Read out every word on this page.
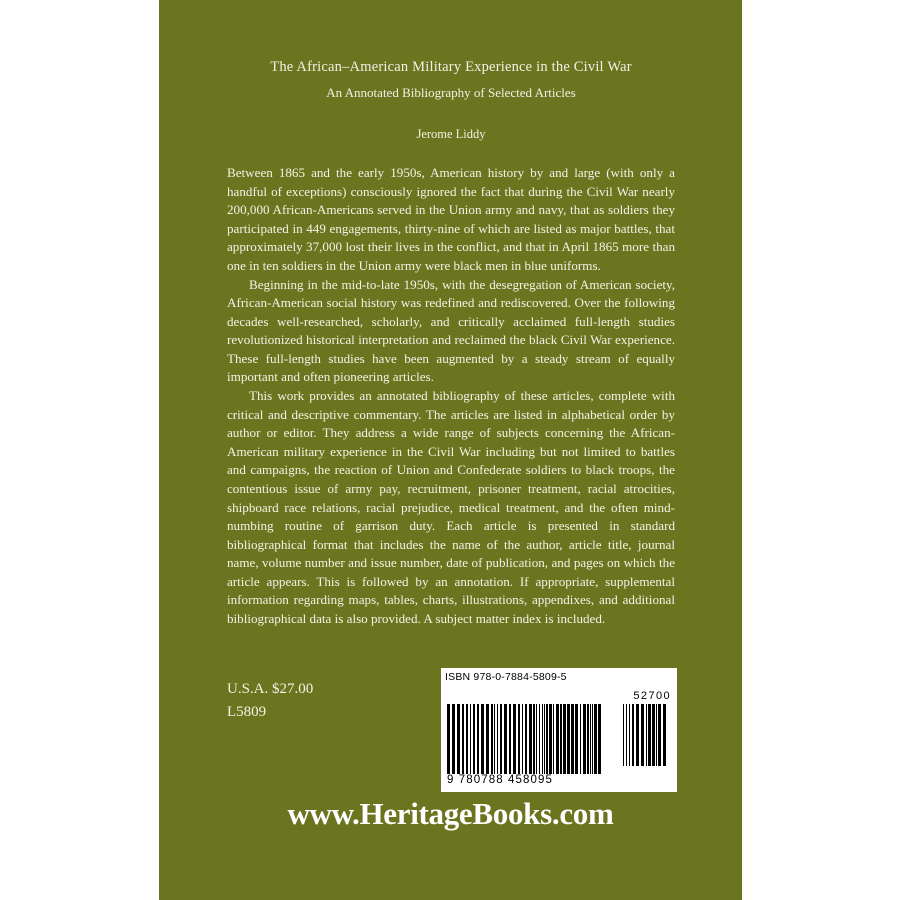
The African–American Military Experience in the Civil War
An Annotated Bibliography of Selected Articles
Jerome Liddy

Between 1865 and the early 1950s, American history by and large (with only a handful of exceptions) consciously ignored the fact that during the Civil War nearly 200,000 African-Americans served in the Union army and navy, that as soldiers they participated in 449 engagements, thirty-nine of which are listed as major battles, that approximately 37,000 lost their lives in the conflict, and that in April 1865 more than one in ten soldiers in the Union army were black men in blue uniforms.

Beginning in the mid-to-late 1950s, with the desegregation of American society, African-American social history was redefined and rediscovered. Over the following decades well-researched, scholarly, and critically acclaimed full-length studies revolutionized historical interpretation and reclaimed the black Civil War experience. These full-length studies have been augmented by a steady stream of equally important and often pioneering articles.

This work provides an annotated bibliography of these articles, complete with critical and descriptive commentary. The articles are listed in alphabetical order by author or editor. They address a wide range of subjects concerning the African-American military experience in the Civil War including but not limited to battles and campaigns, the reaction of Union and Confederate soldiers to black troops, the contentious issue of army pay, recruitment, prisoner treatment, racial atrocities, shipboard race relations, racial prejudice, medical treatment, and the often mind-numbing routine of garrison duty. Each article is presented in standard bibliographical format that includes the name of the author, article title, journal name, volume number and issue number, date of publication, and pages on which the article appears. This is followed by an annotation. If appropriate, supplemental information regarding maps, tables, charts, illustrations, appendixes, and additional bibliographical data is also provided. A subject matter index is included.

U.S.A. $27.00
L5809
ISBN 978-0-7884-5809-5
52700
9 780788 458095
www.HeritageBooks.com
